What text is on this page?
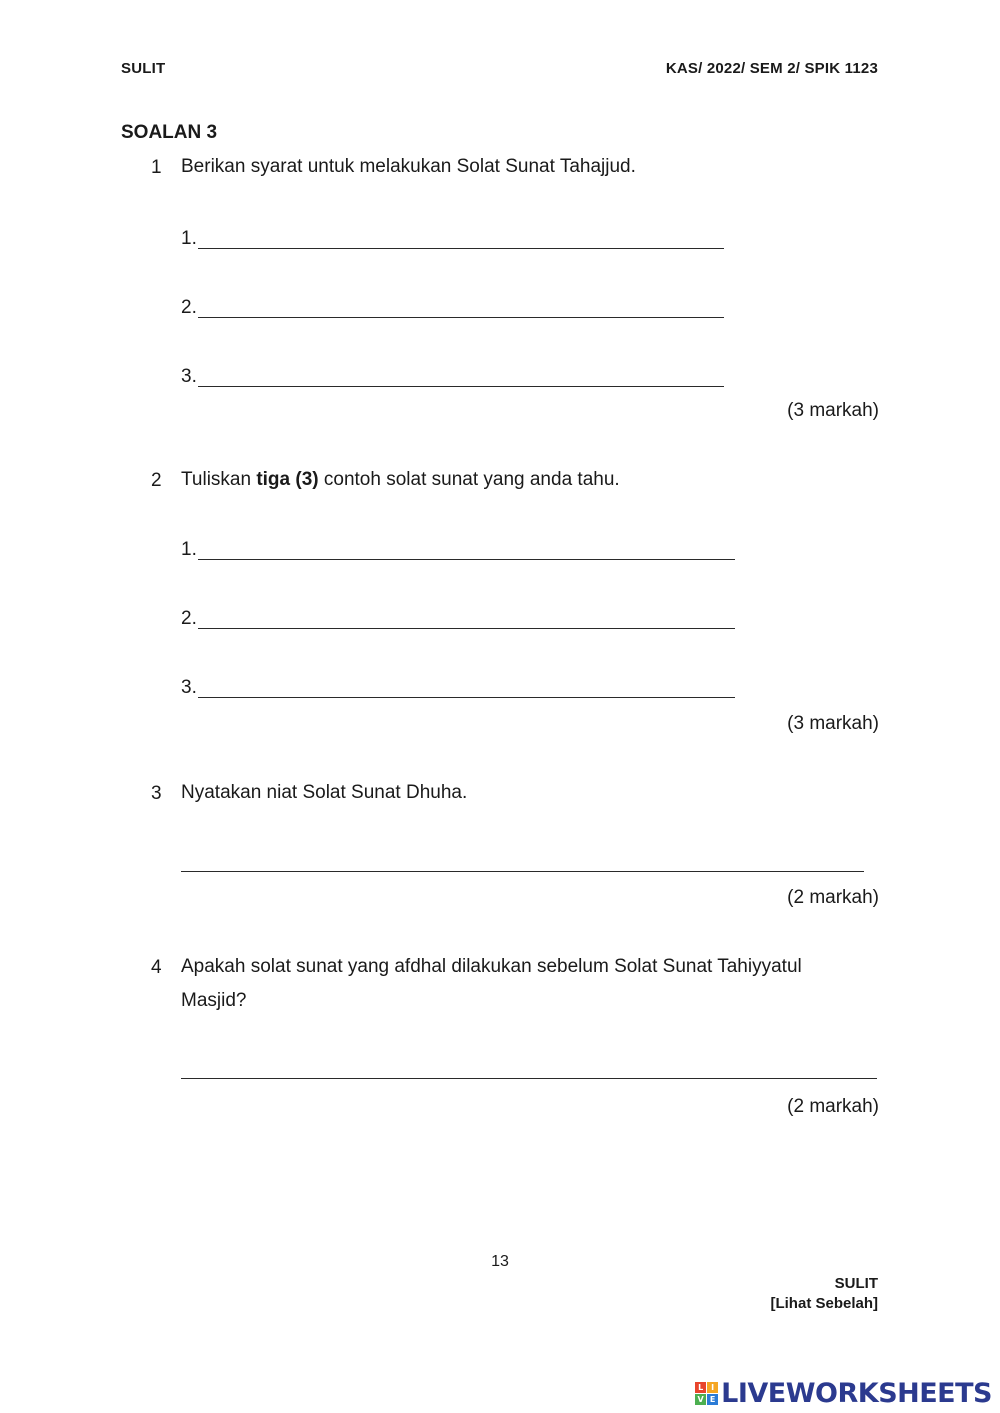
SULIT	KAS/ 2022/ SEM 2/ SPIK 1123
SOALAN 3
1 Berikan syarat untuk melakukan Solat Sunat Tahajjud.
1.
2.
3.
(3 markah)
2 Tuliskan tiga (3) contoh solat sunat yang anda tahu.
1.
2.
3.
(3 markah)
3 Nyatakan niat Solat Sunat Dhuha.
(2 markah)
4 Apakah solat sunat yang afdhal dilakukan sebelum Solat Sunat Tahiyyatul Masjid?
(2 markah)
13
SULIT
[Lihat Sebelah]
L I
V E LIVEWORKSHEETS
